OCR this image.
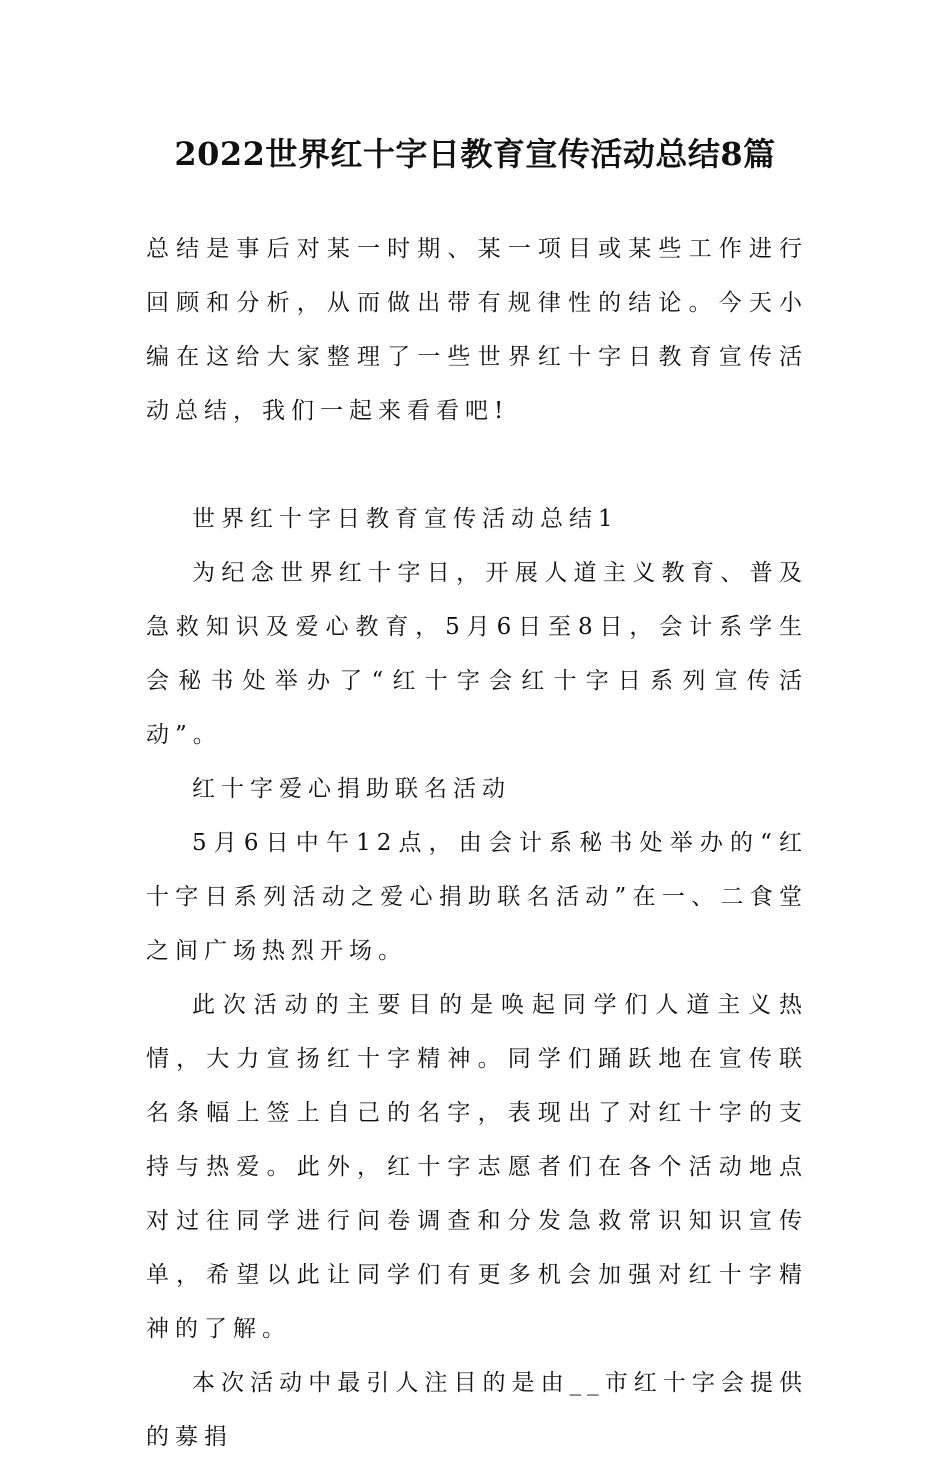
2022世界红十字日教育宣传活动总结8篇

总结是事后对某一时期、某一项目或某些工作进行回顾和分析，从而做出带有规律性的结论。今天小编在这给大家整理了一些世界红十字日教育宣传活动总结，我们一起来看看吧!

世界红十字日教育宣传活动总结1

为纪念世界红十字日，开展人道主义教育、普及急救知识及爱心教育，5月6日至8日，会计系学生会秘书处举办了“红十字会红十字日系列宣传活动”。

红十字爱心捐助联名活动

5月6日中午12点，由会计系秘书处举办的“红十字日系列活动之爱心捐助联名活动”在一、二食堂之间广场热烈开场。

此次活动的主要目的是唤起同学们人道主义热情，大力宣扬红十字精神。同学们踊跃地在宣传联名条幅上签上自己的名字，表现出了对红十字的支持与热爱。此外，红十字志愿者们在各个活动地点对过往同学进行问卷调查和分发急救常识知识宣传单，希望以此让同学们有更多机会加强对红十字精神的了解。

本次活动中最引人注目的是由__市红十字会提供的募捐
